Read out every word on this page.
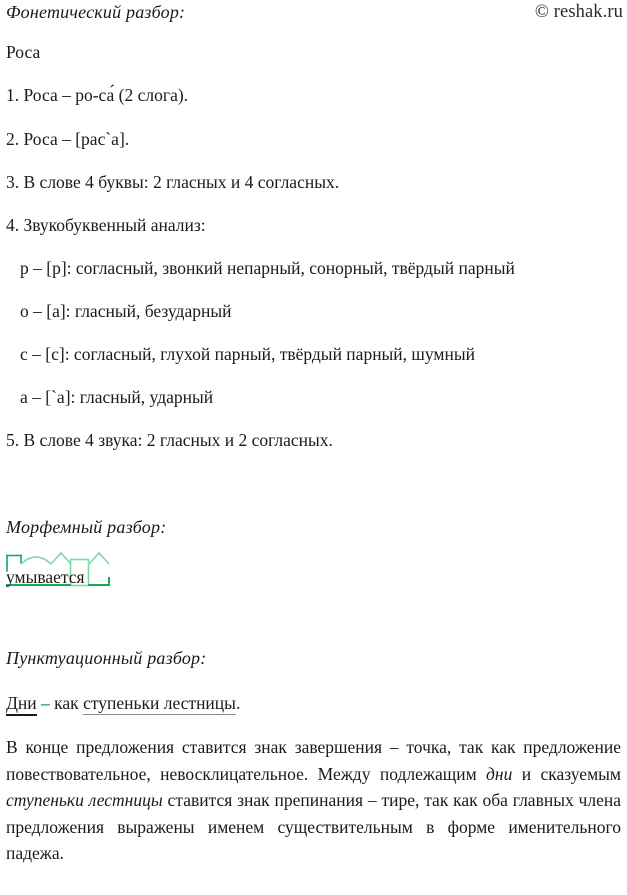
© reshak.ru
Фонетический разбор:
Роса
1. Роса – ро-са́ (2 слога).
2. Роса – [рас`а].
3. В слове 4 буквы: 2 гласных и 4 согласных.
4. Звукобуквенный анализ:
р – [р]: согласный, звонкий непарный, сонорный, твёрдый парный
о – [а]: гласный, безударный
с – [с]: согласный, глухой парный, твёрдый парный, шумный
а – [`а]: гласный, ударный
5. В слове 4 звука: 2 гласных и 2 согласных.
Морфемный разбор:
умывается
Пунктуационный разбор:
Дни – как ступеньки лестницы.
В конце предложения ставится знак завершения – точка, так как предложение повествовательное, невосклицательное. Между подлежащим дни и сказуемым ступеньки лестницы ставится знак препинания – тире, так как оба главных члена предложения выражены именем существительным в форме именительного падежа.
